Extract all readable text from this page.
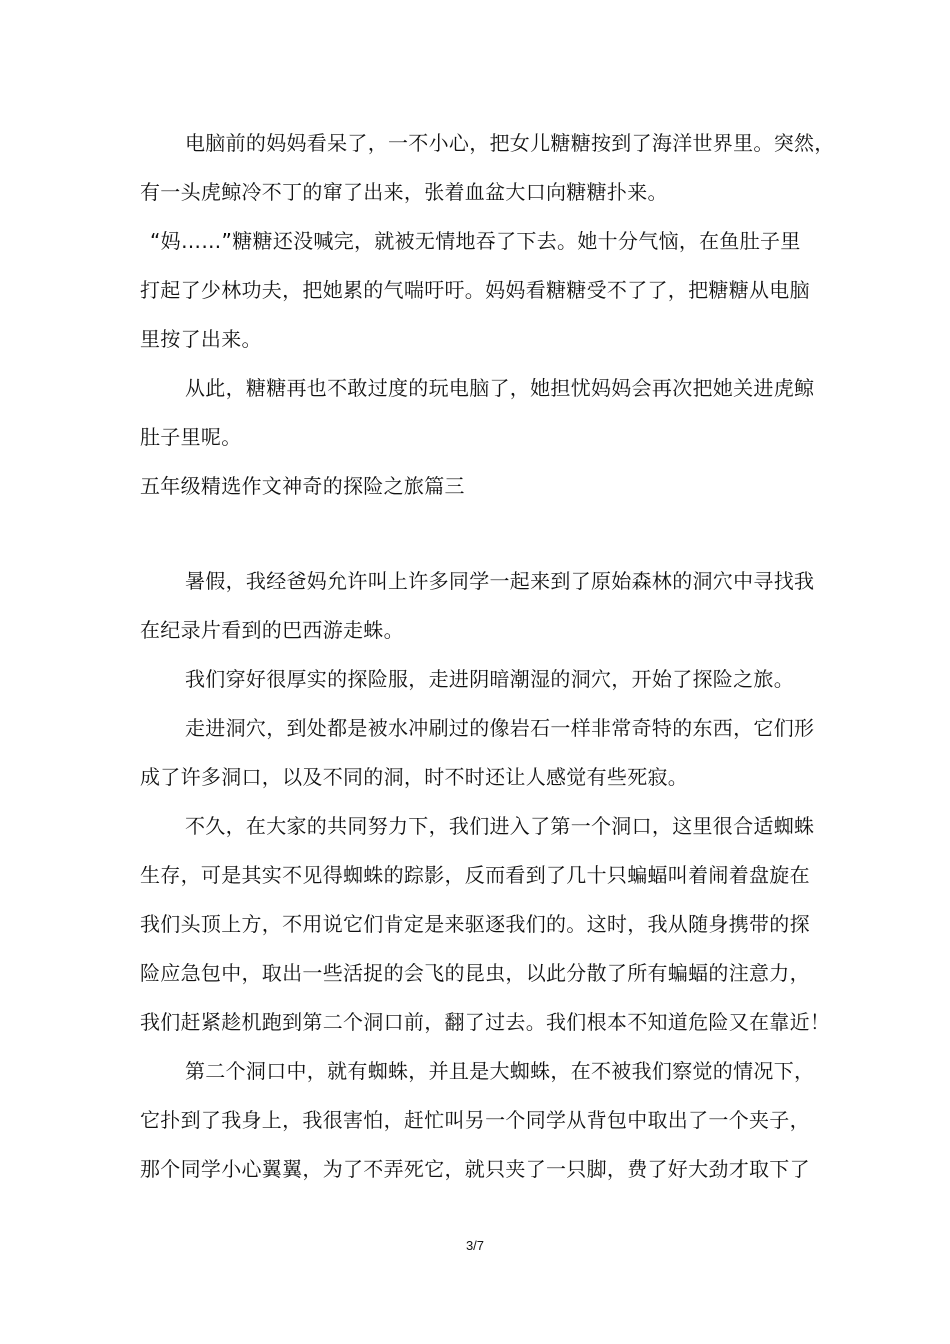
电脑前的妈妈看呆了，一不小心，把女儿糖糖按到了海洋世界里。突然，
有一头虎鲸冷不丁的窜了出来，张着血盆大口向糖糖扑来。
“妈……”糖糖还没喊完，就被无情地吞了下去。她十分气恼，在鱼肚子里
打起了少林功夫，把她累的气喘吁吁。妈妈看糖糖受不了了，把糖糖从电脑
里按了出来。
从此，糖糖再也不敢过度的玩电脑了，她担忧妈妈会再次把她关进虎鲸
肚子里呢。
五年级精选作文神奇的探险之旅篇三
暑假，我经爸妈允许叫上许多同学一起来到了原始森林的洞穴中寻找我
在纪录片看到的巴西游走蛛。
我们穿好很厚实的探险服，走进阴暗潮湿的洞穴，开始了探险之旅。
走进洞穴，到处都是被水冲刷过的像岩石一样非常奇特的东西，它们形
成了许多洞口，以及不同的洞，时不时还让人感觉有些死寂。
不久，在大家的共同努力下，我们进入了第一个洞口，这里很合适蜘蛛
生存，可是其实不见得蜘蛛的踪影，反而看到了几十只蝙蝠叫着闹着盘旋在
我们头顶上方，不用说它们肯定是来驱逐我们的。这时，我从随身携带的探
险应急包中，取出一些活捉的会飞的昆虫，以此分散了所有蝙蝠的注意力，
我们赶紧趁机跑到第二个洞口前，翻了过去。我们根本不知道危险又在靠近！
第二个洞口中，就有蜘蛛，并且是大蜘蛛，在不被我们察觉的情况下，
它扑到了我身上，我很害怕，赶忙叫另一个同学从背包中取出了一个夹子，
那个同学小心翼翼，为了不弄死它，就只夹了一只脚，费了好大劲才取下了
3/7
